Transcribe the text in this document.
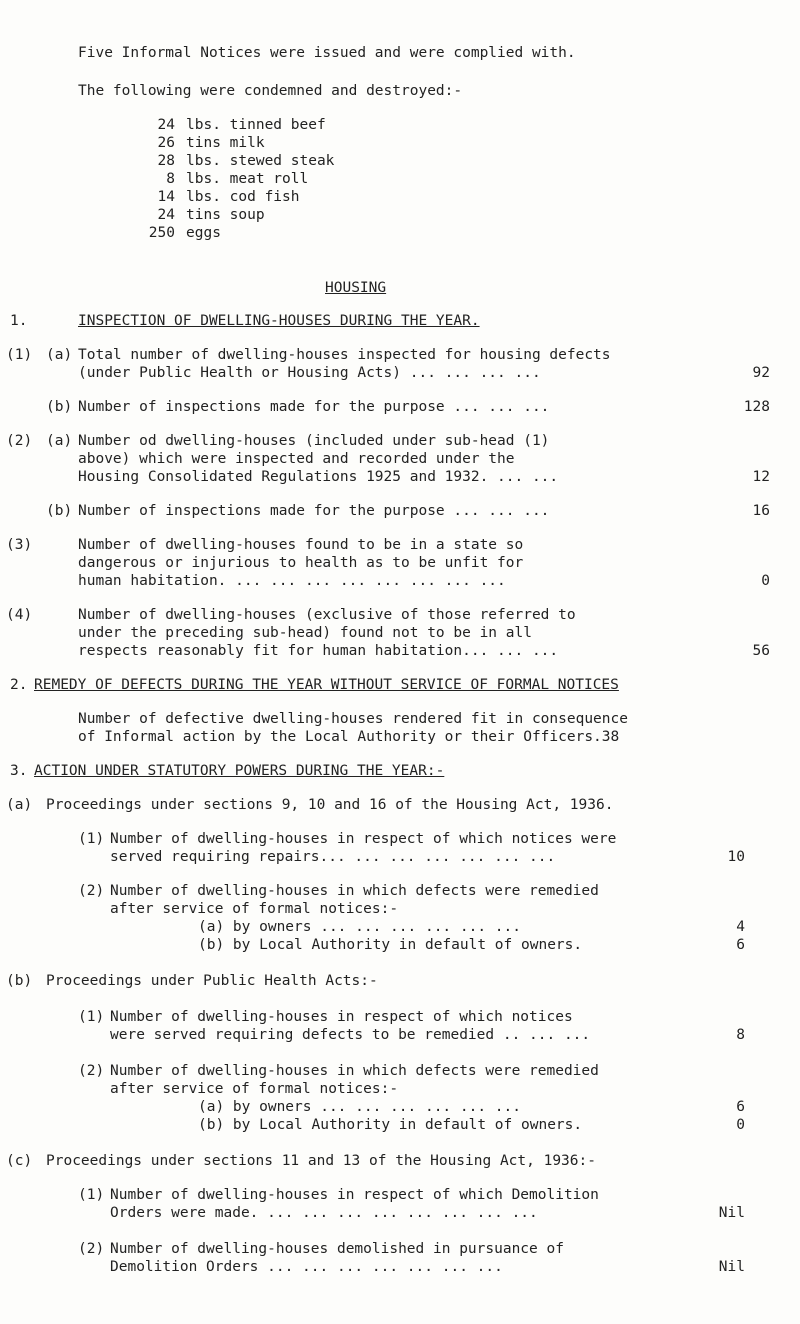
Five Informal Notices were issued and were complied with.
The following were condemned and destroyed:-
24 lbs. tinned beef
26 tins milk
28 lbs. stewed steak
8 lbs. meat roll
14 lbs. cod fish
24 tins soup
250 eggs
HOUSING
1.	INSPECTION OF DWELLING-HOUSES DURING THE YEAR.
(1) (a) Total number of dwelling-houses inspected for housing defects
(under Public Health or Housing Acts) ... ... ... ...	92
(b) Number of inspections made for the purpose ... ... ...	128
(2) (a) Number od dwelling-houses (included under sub-head (1)
above) which were inspected and recorded under the
Housing Consolidated Regulations 1925 and 1932. ... ...	12
(b) Number of inspections made for the purpose ... ... ...	16
(3)	Number of dwelling-houses found to be in a state so
dangerous or injurious to health as to be unfit for
human habitation. ... ... ... ... ... ... ... ...	0
(4)	Number of dwelling-houses (exclusive of those referred to
under the preceding sub-head) found not to be in all
respects reasonably fit for human habitation... ... ...	56
2. REMEDY OF DEFECTS DURING THE YEAR WITHOUT SERVICE OF FORMAL NOTICES
Number of defective dwelling-houses rendered fit in consequence
of Informal action by the Local Authority or their Officers.38
3. ACTION UNDER STATUTORY POWERS DURING THE YEAR:-
(a) Proceedings under sections 9, 10 and 16 of the Housing Act, 1936.
(1) Number of dwelling-houses in respect of which notices were
served requiring repairs... ... ... ... ... ... ...	10
(2) Number of dwelling-houses in which defects were remedied
after service of formal notices:-
(a) by owners ... ... ... ... ... ...	4
(b) by Local Authority in default of owners.	6
(b) Proceedings under Public Health Acts:-
(1) Number of dwelling-houses in respect of which notices
were served requiring defects to be remedied .. ... ...	8
(2) Number of dwelling-houses in which defects were remedied
after service of formal notices:-
(a) by owners ... ... ... ... ... ...	6
(b) by Local Authority in default of owners.	0
(c) Proceedings under sections 11 and 13 of the Housing Act, 1936:-
(1) Number of dwelling-houses in respect of which Demolition
Orders were made. ... ... ... ... ... ... ... ...	Nil
(2) Number of dwelling-houses demolished in pursuance of
Demolition Orders ... ... ... ... ... ... ...	Nil
